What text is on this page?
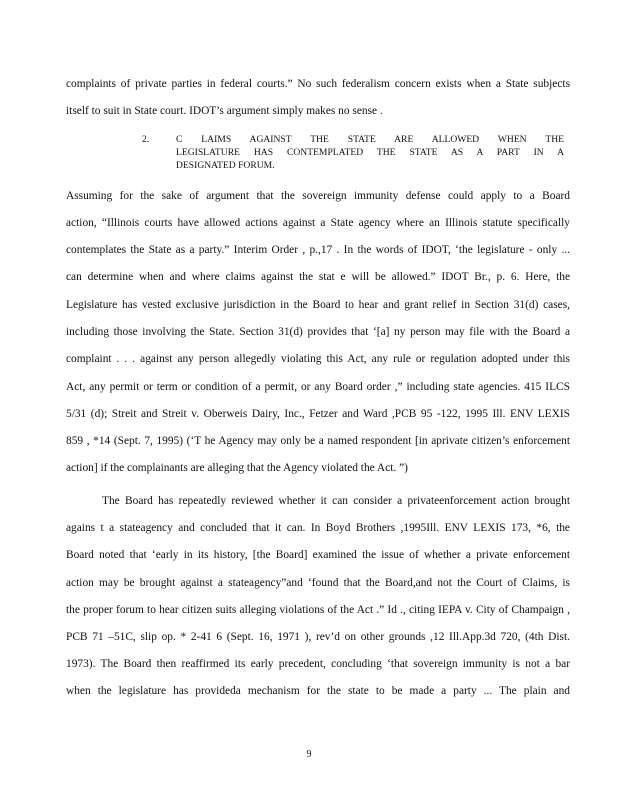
complaints of private parties in federal courts.” No such federalism concern exists when a State subjects
itself to suit in State court. IDOT’s argument simply makes no sense .
2.	C LAIMS AGAINST THE STATE ARE ALLOWED WHEN THE
LEGISLATURE HAS CONTEMPLATED THE STATE AS A PART IN A
DESIGNATED FORUM.
Assuming for the sake of argument that the sovereign immunity defense could apply to a Board
action, “Illinois courts have allowed actions against a State agency where an Illinois statute specifically
contemplates the State as a party.” Interim Order , p.,17 . In the words of IDOT, ‘the legislature - only ...
can determine when and where claims against the stat e will be allowed.” IDOT Br., p. 6. Here, the
Legislature has vested exclusive jurisdiction in the Board to hear and grant relief in Section 31(d) cases,
including those involving the State. Section 31(d) provides that ‘[a] ny person may file with the Board a
complaint . . . against any person allegedly violating this Act, any rule or regulation adopted under this
Act, any permit or term or condition of a permit, or any Board order ,” including state agencies. 415 ILCS
5/31 (d); Streit and Streit v. Oberweis Dairy, Inc., Fetzer and Ward ,PCB 95 -122, 1995 Ill. ENV LEXIS
859 , *14 (Sept. 7, 1995) (‘T he Agency may only be a named respondent [in aprivate citizen’s enforcement
action] if the complainants are alleging that the Agency violated the Act. ”)
The Board has repeatedly reviewed whether it can consider a privateenforcement action brought
agains t a stateagency and concluded that it can. In Boyd Brothers ,1995Ill. ENV LEXIS 173, *6, the
Board noted that ‘early in its history, [the Board] examined the issue of whether a private enforcement
action may be brought against a stateagency”and ‘found that the Board,and not the Court of Claims, is
the proper forum to hear citizen suits alleging violations of the Act .” Id ., citing IEPA v. City of Champaign ,
PCB 71 –51C, slip op. * 2-41 6 (Sept. 16, 1971 ), rev’d on other grounds ,12 Ill.App.3d 720, (4th Dist.
1973). The Board then reaffirmed its early precedent, concluding ‘that sovereign immunity is not a bar
when the legislature has provideda mechanism for the state to be made a party ... The plain and
9
